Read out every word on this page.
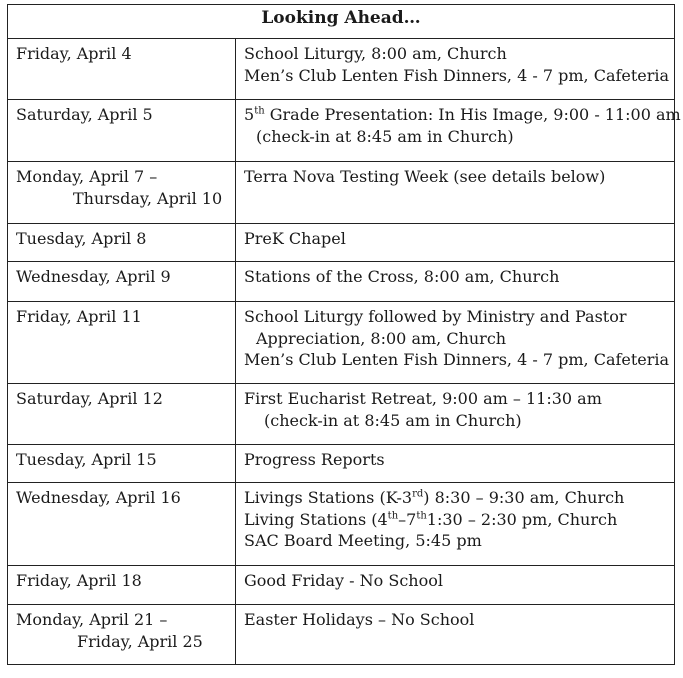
Looking Ahead…	

Friday, April 4	School Liturgy, 8:00 am, Church
Men’s Club Lenten Fish Dinners, 4 - 7 pm, Cafeteria

Saturday, April 5	5th Grade Presentation: In His Image, 9:00 - 11:00 am
(check-in at 8:45 am in Church)

Monday, April 7 –
Thursday, April 10	Terra Nova Testing Week (see details below)

Tuesday, April 8	PreK Chapel

Wednesday, April 9	Stations of the Cross, 8:00 am, Church

Friday, April 11	School Liturgy followed by Ministry and Pastor
Appreciation, 8:00 am, Church
Men’s Club Lenten Fish Dinners, 4 - 7 pm, Cafeteria

Saturday, April 12	First Eucharist Retreat, 9:00 am – 11:30 am
(check-in at 8:45 am in Church)

Tuesday, April 15	Progress Reports

Wednesday, April 16	Livings Stations (K-3rd) 8:30 – 9:30 am, Church
Living Stations (4th–7th1:30 – 2:30 pm, Church
SAC Board Meeting, 5:45 pm

Friday, April 18	Good Friday - No School

Monday, April 21 –
Friday, April 25	Easter Holidays – No School
